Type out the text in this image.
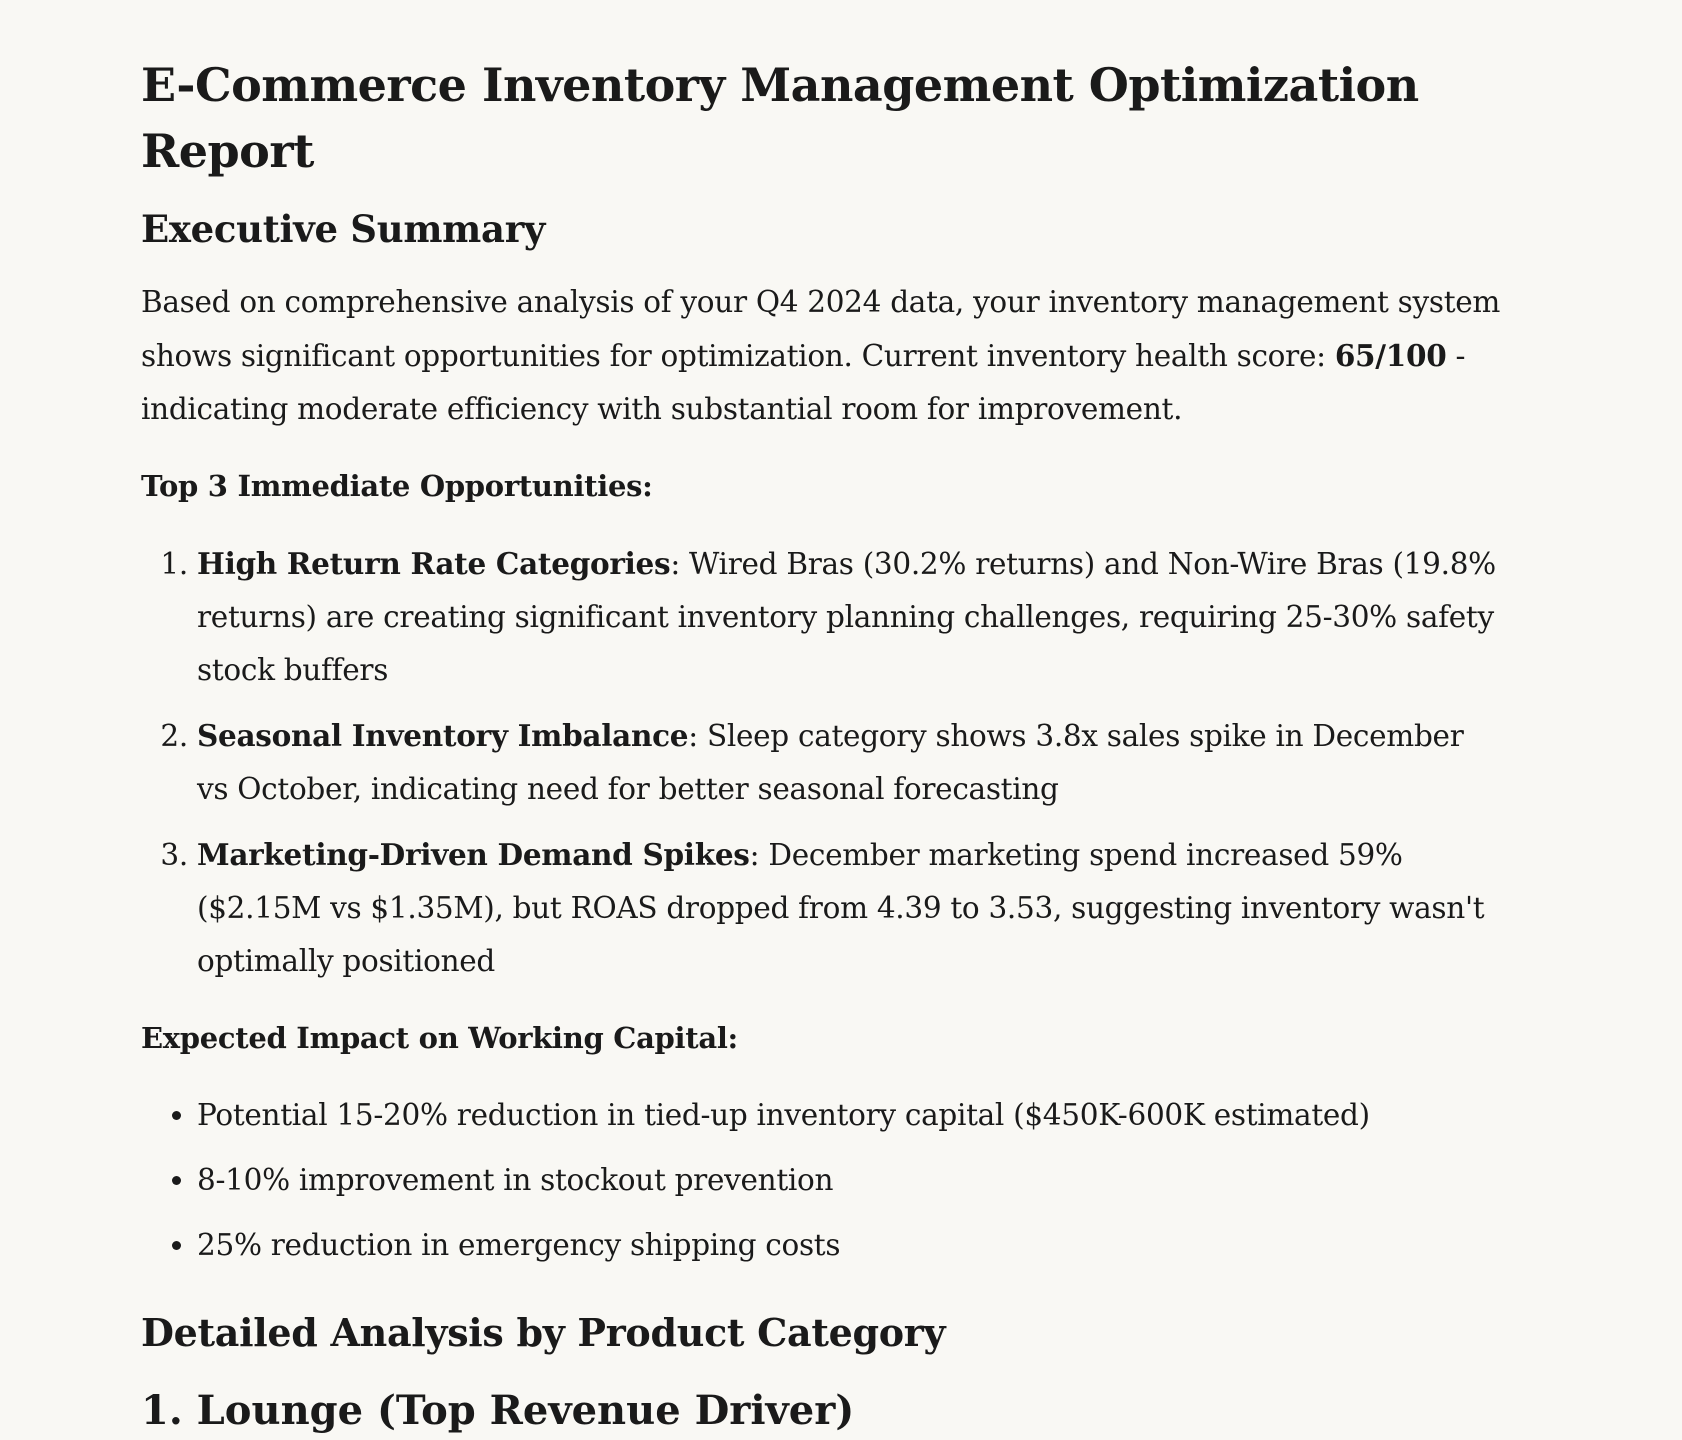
E-Commerce Inventory Management Optimization Report
Executive Summary

Based on comprehensive analysis of your Q4 2024 data, your inventory management system shows significant opportunities for optimization. Current inventory health score: 65/100 - indicating moderate efficiency with substantial room for improvement.

Top 3 Immediate Opportunities:

1. High Return Rate Categories: Wired Bras (30.2% returns) and Non-Wire Bras (19.8% returns) are creating significant inventory planning challenges, requiring 25-30% safety stock buffers
2. Seasonal Inventory Imbalance: Sleep category shows 3.8x sales spike in December vs October, indicating need for better seasonal forecasting
3. Marketing-Driven Demand Spikes: December marketing spend increased 59% ($2.15M vs $1.35M), but ROAS dropped from 4.39 to 3.53, suggesting inventory wasn't optimally positioned

Expected Impact on Working Capital:

• Potential 15-20% reduction in tied-up inventory capital ($450K-600K estimated)
• 8-10% improvement in stockout prevention
• 25% reduction in emergency shipping costs
Detailed Analysis by Product Category
1. Lounge (Top Revenue Driver)
